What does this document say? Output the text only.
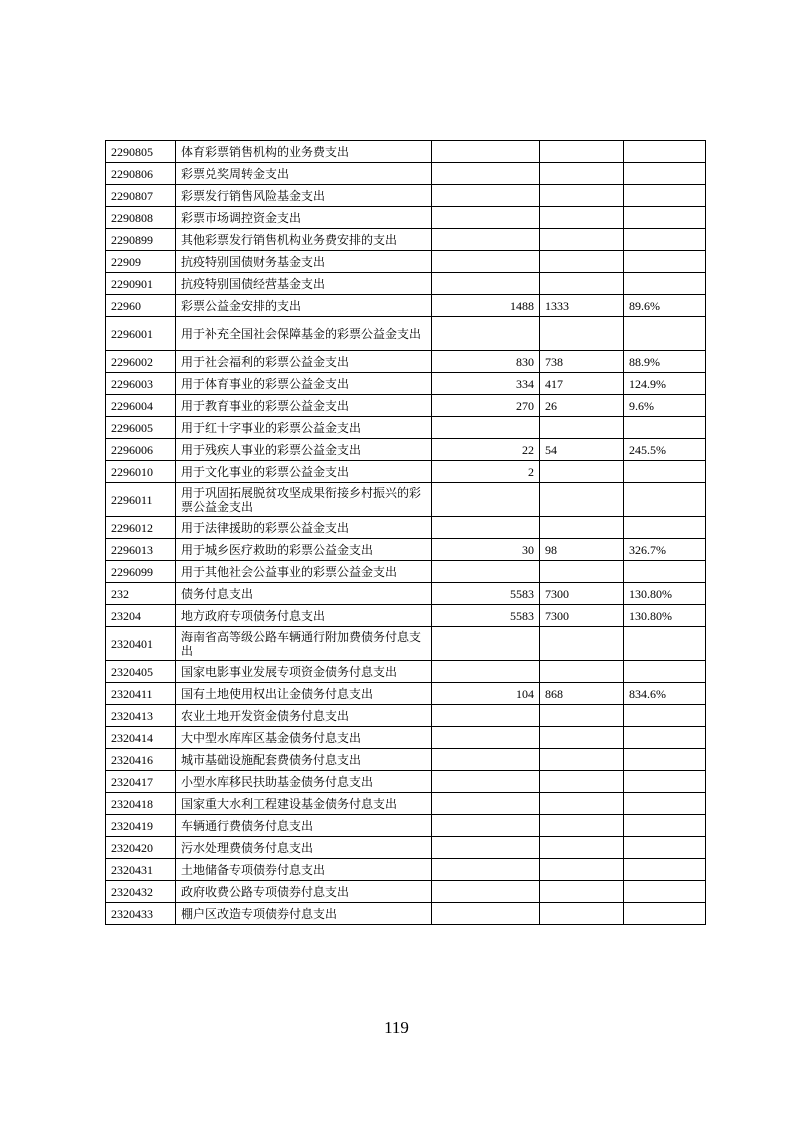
2290805	体育彩票销售机构的业务费支出			
2290806	彩票兑奖周转金支出			
2290807	彩票发行销售风险基金支出			
2290808	彩票市场调控资金支出			
2290899	其他彩票发行销售机构业务费安排的支出			
22909	抗疫特别国债财务基金支出			
2290901	抗疫特别国债经营基金支出			
22960	彩票公益金安排的支出	1488	1333	89.6%
2296001	用于补充全国社会保障基金的彩票公益金支出			
2296002	用于社会福利的彩票公益金支出	830	738	88.9%
2296003	用于体育事业的彩票公益金支出	334	417	124.9%
2296004	用于教育事业的彩票公益金支出	270	26	9.6%
2296005	用于红十字事业的彩票公益金支出			
2296006	用于残疾人事业的彩票公益金支出	22	54	245.5%
2296010	用于文化事业的彩票公益金支出	2		
2296011	用于巩固拓展脱贫攻坚成果衔接乡村振兴的彩票公益金支出			
2296012	用于法律援助的彩票公益金支出			
2296013	用于城乡医疗救助的彩票公益金支出	30	98	326.7%
2296099	用于其他社会公益事业的彩票公益金支出			
232	债务付息支出	5583	7300	130.80%
23204	地方政府专项债务付息支出	5583	7300	130.80%
2320401	海南省高等级公路车辆通行附加费债务付息支出			
2320405	国家电影事业发展专项资金债务付息支出			
2320411	国有土地使用权出让金债务付息支出	104	868	834.6%
2320413	农业土地开发资金债务付息支出			
2320414	大中型水库库区基金债务付息支出			
2320416	城市基础设施配套费债务付息支出			
2320417	小型水库移民扶助基金债务付息支出			
2320418	国家重大水利工程建设基金债务付息支出			
2320419	车辆通行费债务付息支出			
2320420	污水处理费债务付息支出			
2320431	土地储备专项债券付息支出			
2320432	政府收费公路专项债券付息支出			
2320433	棚户区改造专项债券付息支出			
119
